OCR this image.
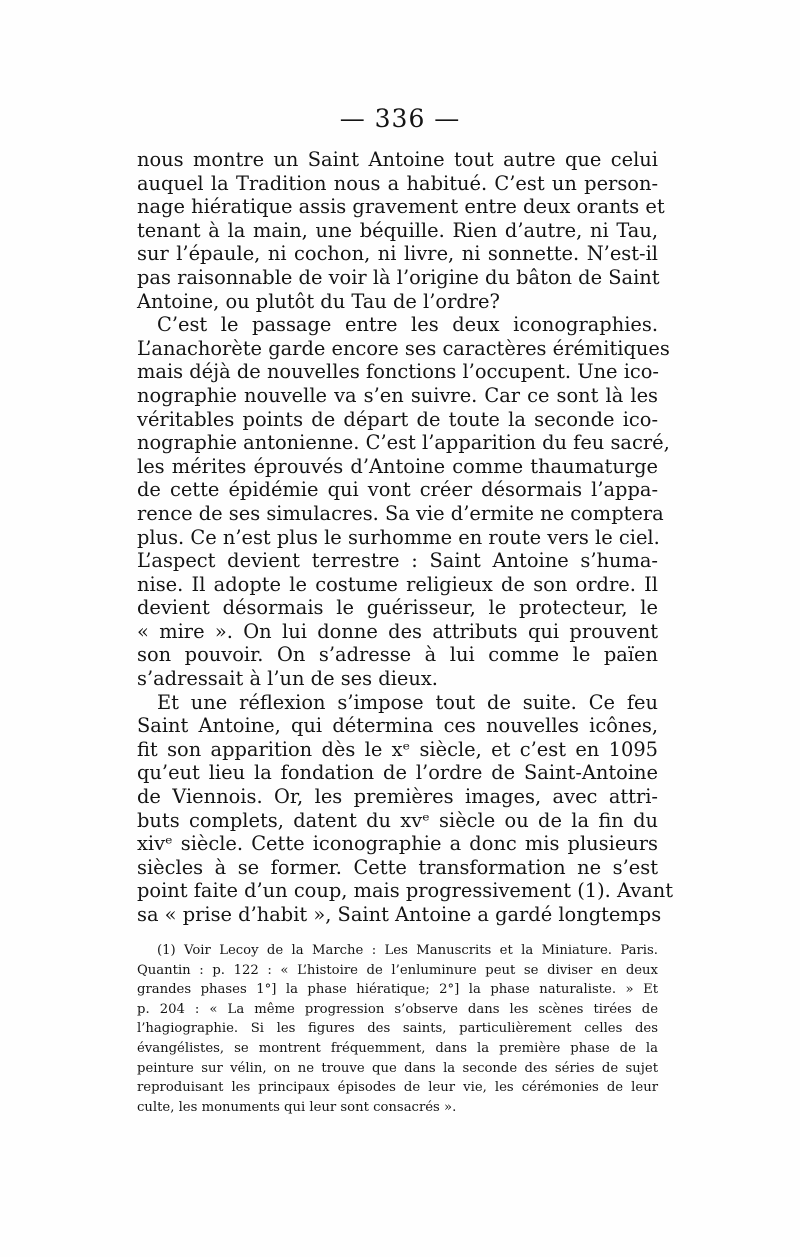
— 336 —
nous montre un Saint Antoine tout autre que celui
auquel la Tradition nous a habitué. C’est un person-
nage hiératique assis gravement entre deux orants et
tenant à la main, une béquille. Rien d’autre, ni Tau,
sur l’épaule, ni cochon, ni livre, ni sonnette. N’est-il
pas raisonnable de voir là l’origine du bâton de Saint
Antoine, ou plutôt du Tau de l’ordre?
C’est le passage entre les deux iconographies.
L’anachorète garde encore ses caractères érémitiques
mais déjà de nouvelles fonctions l’occupent. Une ico-
nographie nouvelle va s’en suivre. Car ce sont là les
véritables points de départ de toute la seconde ico-
nographie antonienne. C’est l’apparition du feu sacré,
les mérites éprouvés d’Antoine comme thaumaturge
de cette épidémie qui vont créer désormais l’appa-
rence de ses simulacres. Sa vie d’ermite ne comptera
plus. Ce n’est plus le surhomme en route vers le ciel.
L’aspect devient terrestre : Saint Antoine s’huma-
nise. Il adopte le costume religieux de son ordre. Il
devient désormais le guérisseur, le protecteur, le
« mire ». On lui donne des attributs qui prouvent
son pouvoir. On s’adresse à lui comme le païen
s’adressait à l’un de ses dieux.
Et une réflexion s’impose tout de suite. Ce feu
Saint Antoine, qui détermina ces nouvelles icônes,
fit son apparition dès le xᵉ siècle, et c’est en 1095
qu’eut lieu la fondation de l’ordre de Saint-Antoine
de Viennois. Or, les premières images, avec attri-
buts complets, datent du xvᵉ siècle ou de la fin du
xivᵉ siècle. Cette iconographie a donc mis plusieurs
siècles à se former. Cette transformation ne s’est
point faite d’un coup, mais progressivement (1). Avant
sa « prise d’habit », Saint Antoine a gardé longtemps
(1) Voir Lecoy de la Marche : Les Manuscrits et la Miniature. Paris.
Quantin : p. 122 : « L’histoire de l’enluminure peut se diviser en deux
grandes phases 1°] la phase hiératique; 2°] la phase naturaliste. » Et
p. 204 : « La même progression s’observe dans les scènes tirées de
l’hagiographie. Si les figures des saints, particulièrement celles des
évangélistes, se montrent fréquemment, dans la première phase de la
peinture sur vélin, on ne trouve que dans la seconde des séries de sujet
reproduisant les principaux épisodes de leur vie, les cérémonies de leur
culte, les monuments qui leur sont consacrés ».
